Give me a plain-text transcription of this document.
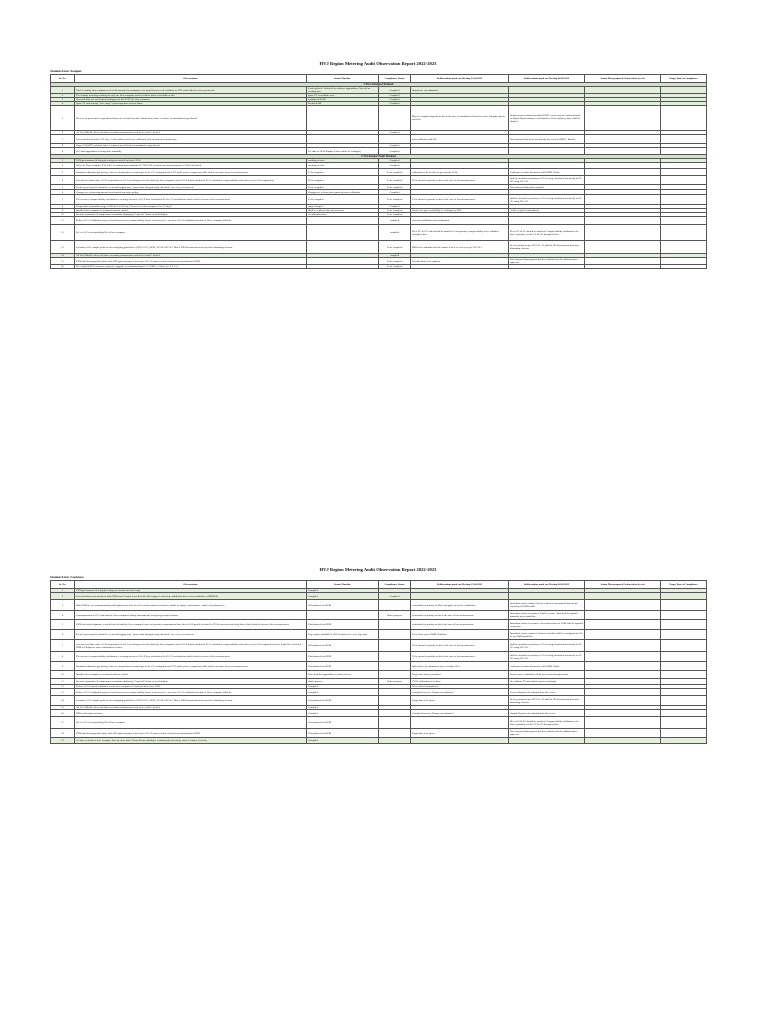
HVJ Region Metering Audit Observation Report 2022-2023
Station/Area: Kanpur
Sr. No.	Observations	Status/Timeline	Compliance Status	Deliberations made on Meeting 15.04.2023	Deliberations made on Meeting 04.08.2023	Action Plan proposed/Action taken by site	Target Date of Compliance
CTGS Achalganj Terminal							
1	Total 3 custody flow computers out of 06 custody flowcomputers are found in power off condition as UPS cards failed as conveyed by site.	Card replaced / followed by software upgradation. Now all are working fine.	Complied	Reports are not submitted.			
2	The custody metering working on only one flow computer and not critical spare is available at site.	Spare FC is available now.	Complied				
3	Charcoal filter are not defined/configured in the BTTF the flow computer.	configured & OK	Complied				
4	Spare ST card bearing “over range” system/question system alarm.	Rectified/OK	Complied				
5	There is no protection for gas thread from rain ear/rated by their instant hence there is chance of unauthorized gas thread.			May be complied urgently as this is the case of unauthorized thread so valve integrity may be checked.	Requirement of annual/monthly RFM's review may be explored based on Quant/Quant analysis of last Quarter. If not required, same shall be flushed.		
6	All Gas 20th/40 valves and other secondary instruments needs to be sealed / locked.		Complied				
7	It is found that bolt-dev 100 class, 1 inch turbine meters are calibrated with air instead of natural gas.			to be calibrated with NG	Site informed that meter has already been sent to RMPC, Baroda.		
8	Proper TAP,OFF isolation valve is required to seal/lock for unauthorized gas thread.		Complied				
9	G.C data upgradation is being done manually.	GC data of UGD Kanpur is now online in Achalganj	Complied				
CTGS Kanpur Panki Terminal							
1	USM performance & integrity testing not carried out since 2016.	working on now	Complied				
2	Only one Flow computer (FQ 1001) is working and redundant FC FQI 1002 is found non-functioning due to UPS card failed.	working on now	Complied				
3	Standard calibration gas having a diverse composition to natural gas in the GC configured and GCV under power compensate table which can cause incorrect measurement.	To be complied	To be complied	calibration to be verified as per circular 2014.	Audit para is under discussion with CMSL Noida		
4	It is observed that value of CO composition of GC is not being received in both the flow computers and AGA 8 details method in FC is calculated compressibility with value as zero CO composition.	To be complied	To be complied	To be attend on priority as this is the case of loss measurement.	shall be attended on priority as 2% is being calculated incorrectly in FC FC using CO=0%.		
5	Event log not specific about the event and logging only “power data changed using edit mode” for every event access.	To be complied	To be complied		Site informed that point complied		
6	Changeover of metering stream is not carried out as per policy.	Changeover is being done quarterly after calibration	Complied				
7	The incorrect compressibility calculation is creating incorrect AGA 9 flow calculation & AGA 10 calculations which leads to incorrect flow measurement.	To be complied	To be complied	To be attend on priority as this is the case of loss measurement.	shall be attended on priority as 2% is being calculated incorrectly in FC FC using CO=0%.		
8	Temperature transmitter range is 300 Kr/T to 80 deg C however in flowcomputers 0 to 75 deg C.	range changed	Complied				
9	Installed flow computer is technical obsolete model.	Shall be replaced after procurement	To be complied	Ensure the spare availability or contingency SOP.	Action required immediately.		
10	Pressure transmitter & temperature transmitter displaying “loop fail” alarm on local display.	as calibration done	To be complied				
11	Kelton AGA 9 validation report is found incorrect as compressibility factor is incorrect (i.e. not from AGA 8 validation but data of Flow computer utilised).		complied	corrected validation report submitted.			
12	Do’s of GC is not matching Zh of flow computer.		complied	Zh of FC & GC both should be matched. Consequently compressibility to be validated through kelton.	Zh of GC & FC should be matched. Compressibility validation to be done separately for the FC & GC through kelton.		
13	Location of GC sample probe is not complying guidelines of ISO 10715 (API6, 2/10 & API 14.1 That is 20D downstream from any flow disturbing element.		To be complied	R&D to be submitted for the further review or review as per API 14.1	Review points as per API 14.1. To shall be 5D downstream from any disturbing element.		
14	All Gas 20th/40 valves and other secondary instruments needs to be sealed / locked.		complied				
15	USM stud having profiler plate with 10D upstream pipe is not as per AGA 9 same needs to clarify from manufacturer/OEM.		To be complied	Provide status to be updated	Site informed that proposal has been initiated for the administrative approval		
16	The installed RTU elements required to upgrade for minimum band 1.1/ 2 DIPS, [ Clause no. 4.1.1.1]		To be complied				
HVJ Region Metering Audit Observation Report 2022-2023
Station/Area: Lucknow
Sr. No.	Observations	Status/Timeline	Compliance Status	Deliberations made on Meeting 15.04.2023	Deliberations made on Meeting 04.08.2023	Action Plan proposed/Action taken by site	Target Date of Compliance
1	USM performance & integrity testing not carried out since long.	Complied					
2	It is found that connectivity of both USM from Control room & field with Logtop is not being established due to non availability of MODEM.	Complied	Complied				
3	Both USM are not communicating with laptop from field as well as from control room hence unable to analyse performance, audit events,alarms etc.	Visit planned for OEM		to attended on priority as Meter integrity can not be established	Immediate action required for the rederal of operational data for the checking of USM health.		
4	Communication of GC with both the flow computers failing intermittently and giving frequent alarms.		Under progress	to attended on priority as this is the case of loss measurement	Immediate action is required. Until fix source, data shall be updated manually as per guideline.		
5	USM real actual signature is not defined in both the flow computer hence no potentry compensation done this is SGS pacific deviated in FC & correction not being done which leads to incorrect flow measurement.	Visit planned for OEM		to attended on priority as this is the case of loss measurement	Immediate action is required. correction factors in USM shall be updated on priority.		
6	Event log not specific about the event and logging only “power data changed using edit mode” for every event access.	Log register available at USS Lucknow for every log entry.		To be done as per O&M Guideline	Immediate action required. Alarm/event table shall be configured in FCs as per O&M guideline.		
7	It is observed that value of CO composition of GC is not being received in both the flow computers and AGA 8 details method in FC is calculated compressibility with value as zero CO composition hence it shall be verified at RFM to Pholpus as same confirmation is there.	Visit planned for OEM		To be attend on priority as this is the case of loss measurement	shall be attended on priority as 2% is being calculated incorrectly in FC FC using CO=0%.		
8	The incorrect compressibility calculation is creating incorrect AGA 9 flow calculation & AGA 10 calculations which leads to incorrect flow measurement.	Visit planned for OEM		To be attend on priority as this is the case of loss measurement	shall be attended on priority as 2% is being calculated incorrectly in FC FC using CO=0%.		
9	Standard calibration gas having a diverse composition to natural gas in the GC configured and GCV under power compensate table which can cause incorrect measurement.	Visit planned for OEM		Split ratio to be maintained as per circular 2014	Audit para is under discussion with CMSL Noida		
10	Installed flow computer is technical obsolete model.	Note shall the upgradation is under process		Target date may be provided	Ensure spare availability till the procurement/replacement		
11	Pressure transmitter & temperature transmitter displaying “loop fail” alarm on local display.	Under process	Under progress	PT Re calibration to be done.	Re-calibrate PT and submit report accordingly		
12	Kelton AGA 8 details validation for the flow computer is found not done since 2022.	Complied		to be carried out quarterly			
13	Kelton AGA 9 validation report is found incorrect as compressibility factor is incorrect (i.e. not from AGA 8 validation but data of Flow computer utilised).	Complied		Complied however, Report not submitted	Correct Report to be submitted for the review		
14	Location of GC sample probe is not complying guidelines of ISO 10715 (API6, 2/10 & API 14.1 That is 20D downstream from any flow disturbing element.	Visit planned for OEM		Target date to be given	Review points as per API 14.1. To shall be 5D downstream from any disturbing element.		
15	All Gas 20th/40 valves and other secondary instruments needs to be sealed / locked.	Complied					
16	RTD verification not done.	Complied		Complied however, Report not submitted	Sample Report to be submitted for the review		
17	Do’s of GC is not matching Zh of flow computer.	Visit planned for OEM			Zh of GC & FC should be matched. Compressibility validation to be done separately for the FC & GC through kelton.		
18	USM stud having profiler plate with 10D upstream pipe is not as per AGA 9 same needs to clarify from manufacturer/OEM.	Visit planned for OEM		Target date to be given	Site informed that proposal has been initiated for the administrative approval		
19	GC time is ahead of flow computer time by more than 5 hours & time drifting is continuously increasing, same is require to rectify.	Complied					
